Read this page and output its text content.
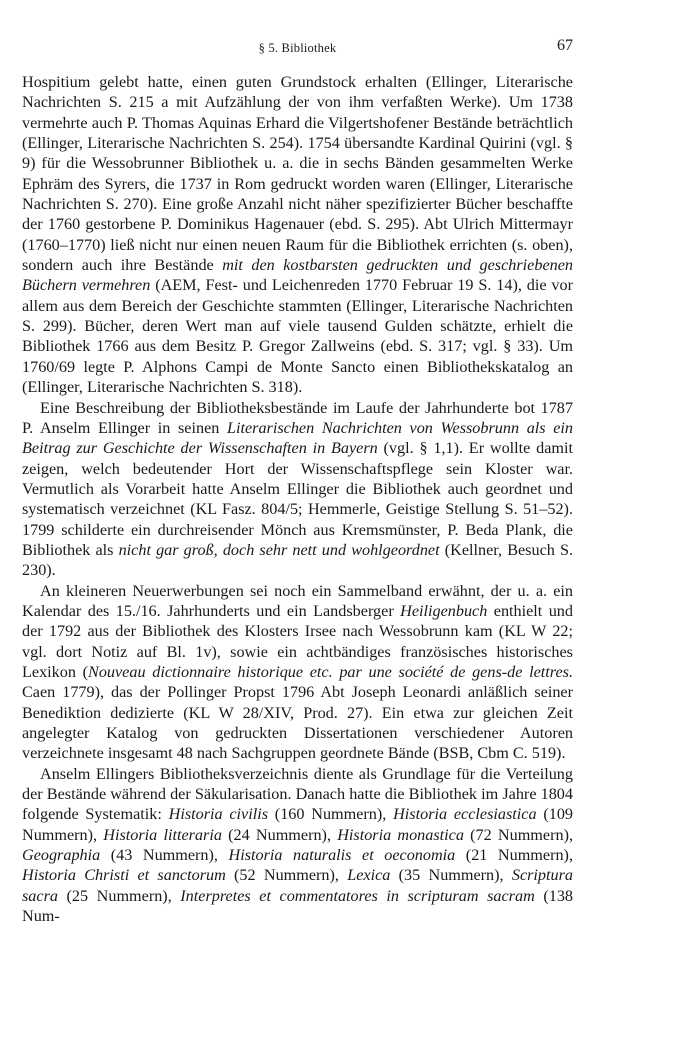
§ 5. Bibliothek	67

Hospitium gelebt hatte, einen guten Grundstock erhalten (Ellinger, Literarische Nachrichten S. 215 a mit Aufzählung der von ihm verfaßten Werke). Um 1738 vermehrte auch P. Thomas Aquinas Erhard die Vilgertshofener Bestände beträchtlich (Ellinger, Literarische Nachrichten S. 254). 1754 übersandte Kardinal Quirini (vgl. § 9) für die Wessobrunner Bibliothek u. a. die in sechs Bänden gesammelten Werke Ephräm des Syrers, die 1737 in Rom gedruckt worden waren (Ellinger, Literarische Nachrichten S. 270). Eine große Anzahl nicht näher spezifizierter Bücher beschaffte der 1760 gestorbene P. Dominikus Hagenauer (ebd. S. 295). Abt Ulrich Mittermayr (1760–1770) ließ nicht nur einen neuen Raum für die Bibliothek errichten (s. oben), sondern auch ihre Bestände mit den kostbarsten gedruckten und geschriebenen Büchern vermehren (AEM, Fest- und Leichenreden 1770 Februar 19 S. 14), die vor allem aus dem Bereich der Geschichte stammten (Ellinger, Literarische Nachrichten S. 299). Bücher, deren Wert man auf viele tausend Gulden schätzte, erhielt die Bibliothek 1766 aus dem Besitz P. Gregor Zallweins (ebd. S. 317; vgl. § 33). Um 1760/69 legte P. Alphons Campi de Monte Sancto einen Bibliothekskatalog an (Ellinger, Literarische Nachrichten S. 318).

Eine Beschreibung der Bibliotheksbestände im Laufe der Jahrhunderte bot 1787 P. Anselm Ellinger in seinen Literarischen Nachrichten von Wessobrunn als ein Beitrag zur Geschichte der Wissenschaften in Bayern (vgl. § 1,1). Er wollte damit zeigen, welch bedeutender Hort der Wissenschaftspflege sein Kloster war. Vermutlich als Vorarbeit hatte Anselm Ellinger die Bibliothek auch geordnet und systematisch verzeichnet (KL Fasz. 804/5; Hemmerle, Geistige Stellung S. 51–52). 1799 schilderte ein durchreisender Mönch aus Kremsmünster, P. Beda Plank, die Bibliothek als nicht gar groß, doch sehr nett und wohlgeordnet (Kellner, Besuch S. 230).

An kleineren Neuerwerbungen sei noch ein Sammelband erwähnt, der u. a. ein Kalendar des 15./16. Jahrhunderts und ein Landsberger Heiligenbuch enthielt und der 1792 aus der Bibliothek des Klosters Irsee nach Wessobrunn kam (KL W 22; vgl. dort Notiz auf Bl. 1v), sowie ein achtbändiges französisches historisches Lexikon (Nouveau dictionnaire historique etc. par une société de gens-de lettres. Caen 1779), das der Pollinger Propst 1796 Abt Joseph Leonardi anläßlich seiner Benediktion dedizierte (KL W 28/XIV, Prod. 27). Ein etwa zur gleichen Zeit angelegter Katalog von gedruckten Dissertationen verschiedener Autoren verzeichnete insgesamt 48 nach Sachgruppen geordnete Bände (BSB, Cbm C. 519).

Anselm Ellingers Bibliotheksverzeichnis diente als Grundlage für die Verteilung der Bestände während der Säkularisation. Danach hatte die Bibliothek im Jahre 1804 folgende Systematik: Historia civilis (160 Nummern), Historia ecclesiastica (109 Nummern), Historia litteraria (24 Nummern), Historia monastica (72 Nummern), Geographia (43 Nummern), Historia naturalis et oeconomia (21 Nummern), Historia Christi et sanctorum (52 Nummern), Lexica (35 Nummern), Scriptura sacra (25 Nummern), Interpretes et commentatores in scripturam sacram (138 Num-
